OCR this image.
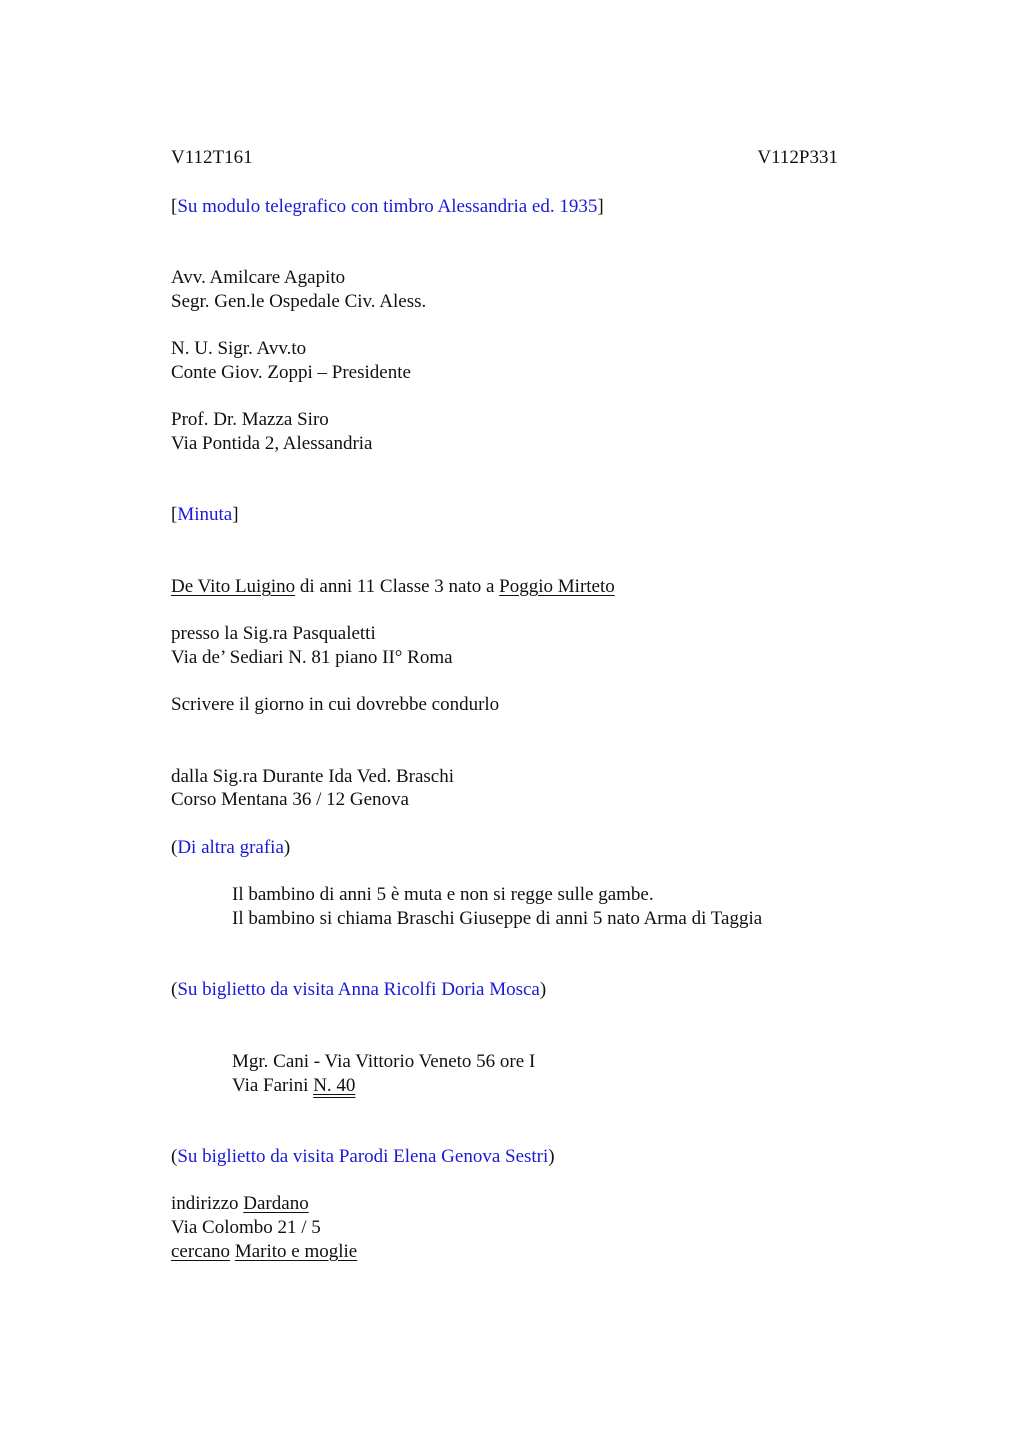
V112T161	V112P331
[Su modulo telegrafico con timbro Alessandria ed. 1935]
Avv. Amilcare Agapito
Segr. Gen.le Ospedale Civ. Aless.
N. U. Sigr. Avv.to
Conte Giov. Zoppi – Presidente
Prof. Dr. Mazza Siro
Via Pontida 2, Alessandria
[Minuta]
De Vito Luigino di anni 11 Classe 3 nato a Poggio Mirteto
presso la Sig.ra Pasqualetti
Via de’ Sediari N. 81 piano II° Roma
Scrivere il giorno in cui dovrebbe condurlo
dalla Sig.ra Durante Ida Ved. Braschi
Corso Mentana 36 / 12 Genova
(Di altra grafia)
Il bambino di anni 5 è muta e non si regge sulle gambe.
Il bambino si chiama Braschi Giuseppe di anni 5 nato Arma di Taggia
(Su biglietto da visita Anna Ricolfi Doria Mosca)
Mgr. Cani - Via Vittorio Veneto 56 ore I
Via Farini N. 40
(Su biglietto da visita Parodi Elena Genova Sestri)
indirizzo Dardano
Via Colombo 21 / 5
cercano Marito e moglie
